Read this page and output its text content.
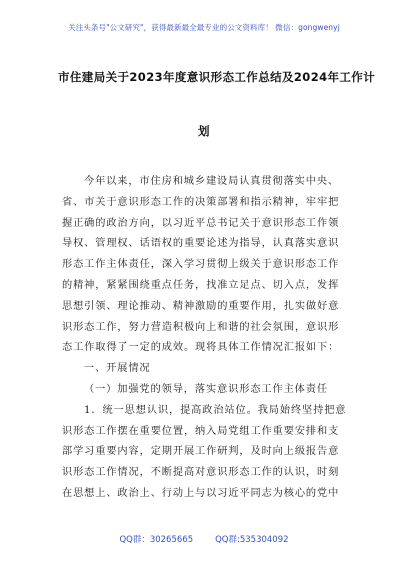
关注头条号"公文研究"，获得最新最全最专业的公文资料库！ 微信：gongwenyj
市住建局关于2023年度意识形态工作总结及2024年工作计
划
今年以来，市住房和城乡建设局认真贯彻落实中央、
省、市关于意识形态工作的决策部署和指示精神，牢牢把
握正确的政治方向，以习近平总书记关于意识形态工作领
导权、管理权、话语权的重要论述为指导，认真落实意识
形态工作主体责任，深入学习贯彻上级关于意识形态工作
的精神，紧紧围绕重点任务，找准立足点、切入点，发挥
思想引领、理论推动、精神激励的重要作用，扎实做好意
识形态工作，努力营造积极向上和谐的社会氛围，意识形
态工作取得了一定的成效。现将具体工作情况汇报如下：
一、开展情况
（一）加强党的领导，落实意识形态工作主体责任
1．统一思想认识，提高政治站位。我局始终坚持把意
识形态工作摆在重要位置，纳入局党组工作重要安排和支
部学习重要内容，定期开展工作研判，及时向上级报告意
识形态工作情况，不断提高对意识形态工作的认识，时刻
在思想上、政治上、行动上与以习近平同志为核心的党中
QQ群：30265665	QQ群:535304092
